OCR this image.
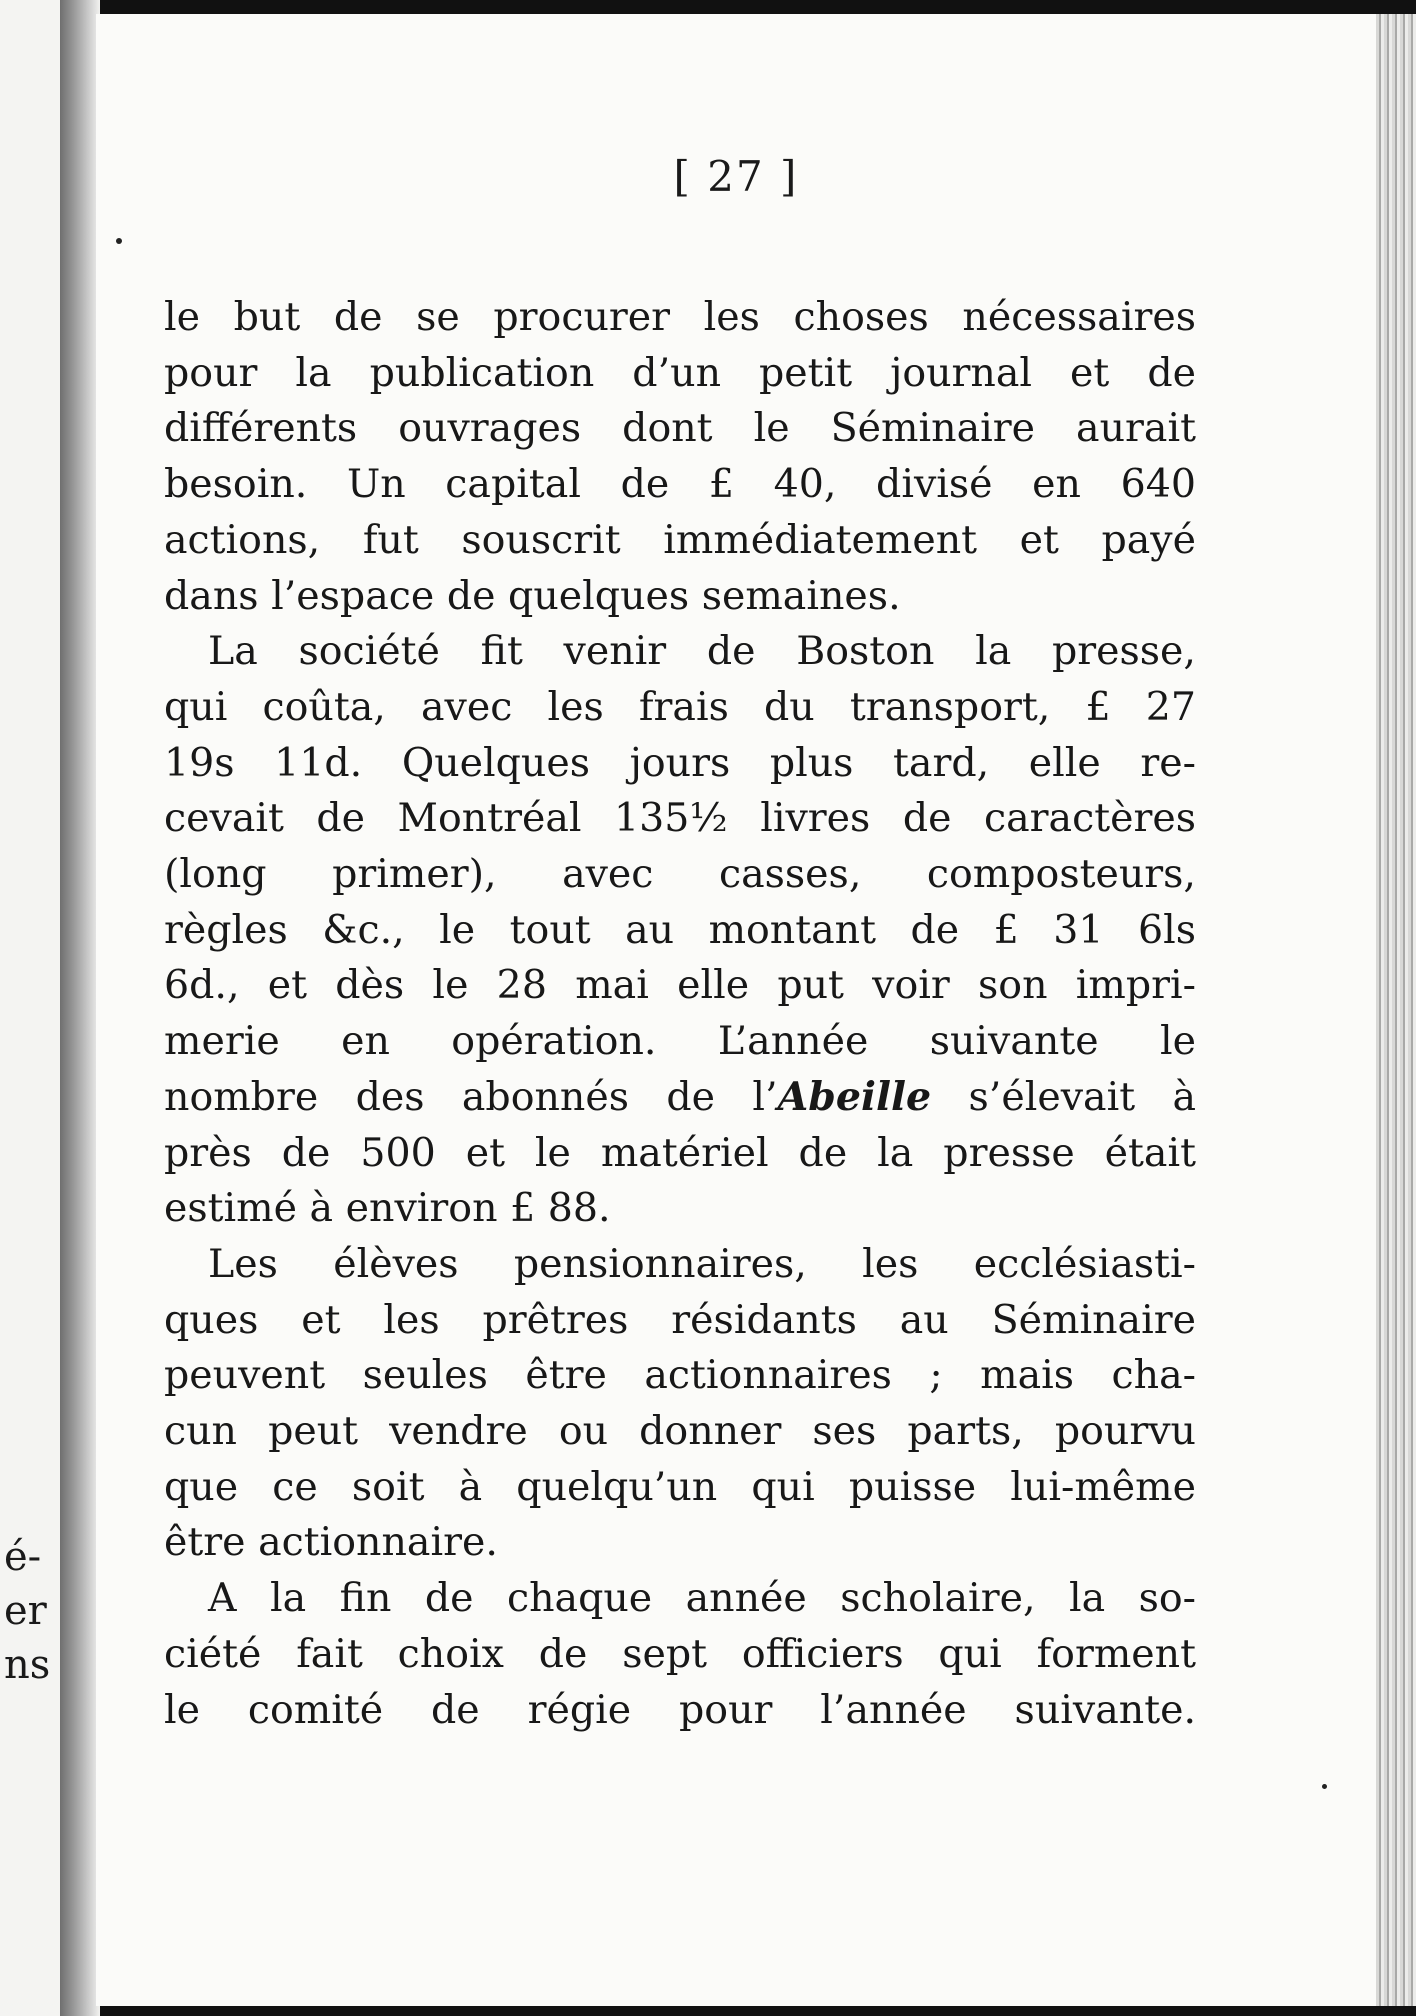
é-
er
ns
[ 27 ]

le but de se procurer les choses nécessaires
pour la publication d’un petit journal et de
différents ouvrages dont le Séminaire aurait
besoin. Un capital de £ 40, divisé en 640
actions, fut souscrit immédiatement et payé
dans l’espace de quelques semaines.

La société fit venir de Boston la presse,
qui coûta, avec les frais du transport, £ 27
19s 11d. Quelques jours plus tard, elle re-
cevait de Montréal 135½ livres de caractères
(long primer), avec casses, composteurs,
règles &c., le tout au montant de £ 31 6ls
6d., et dès le 28 mai elle put voir son impri-
merie en opération. L’année suivante le
nombre des abonnés de l’Abeille s’élevait à
près de 500 et le matériel de la presse était
estimé à environ £ 88.

Les élèves pensionnaires, les ecclésiasti-
ques et les prêtres résidants au Séminaire
peuvent seules être actionnaires ; mais cha-
cun peut vendre ou donner ses parts, pourvu
que ce soit à quelqu’un qui puisse lui-même
être actionnaire.

A la fin de chaque année scholaire, la so-
ciété fait choix de sept officiers qui forment
le comité de régie pour l’année suivante.
